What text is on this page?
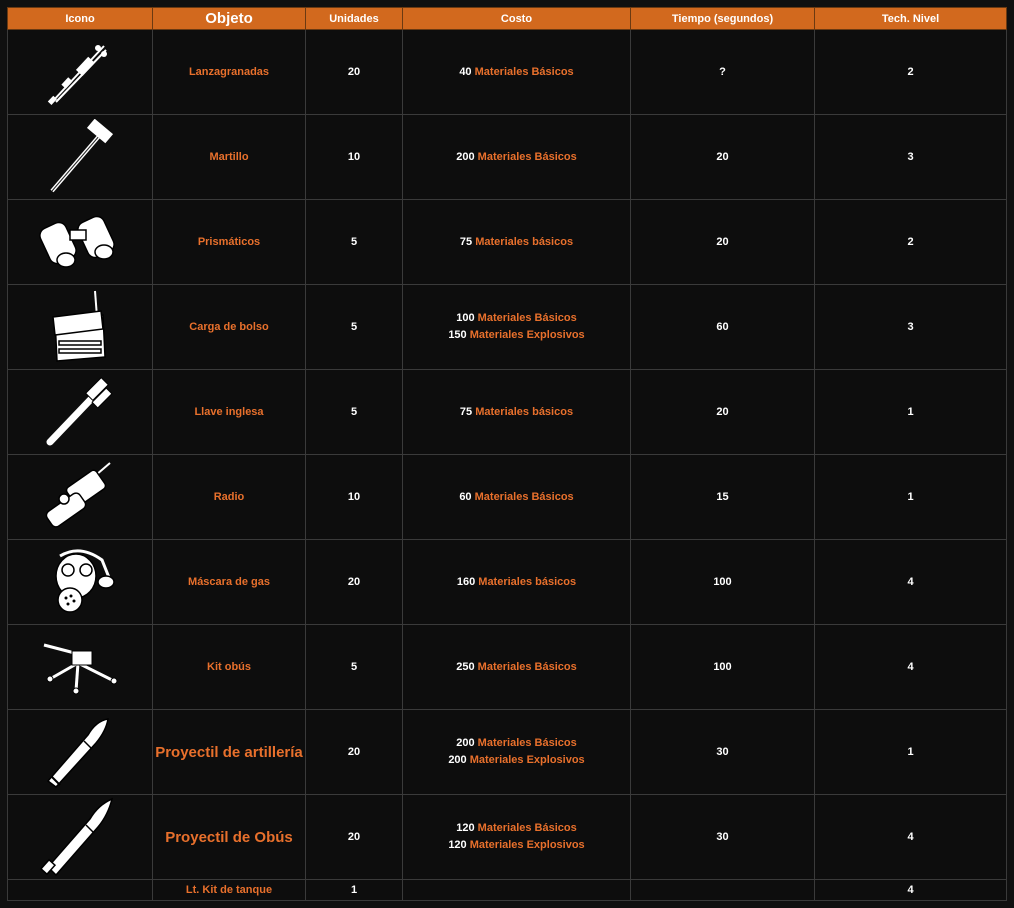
Icono	Objeto	Unidades	Costo	Tiempo (segundos)	Tech. Nivel

	Lanzagranadas	20	40 Materiales Básicos	?	2

	Martillo	10	200 Materiales Básicos	20	3

	Prismáticos	5	75 Materiales básicos	20	2

	Carga de bolso	5	100 Materiales Básicos
150 Materiales Explosivos	60	3

	Llave inglesa	5	75 Materiales básicos	20	1

	Radio	10	60 Materiales Básicos	15	1

	Máscara de gas	20	160 Materiales básicos	100	4

	Kit obús	5	250 Materiales Básicos	100	4

	Proyectil de artillería	20	200 Materiales Básicos
200 Materiales Explosivos	30	1

	Proyectil de Obús	20	120 Materiales Básicos
120 Materiales Explosivos	30	4
	Lt. Kit de tanque	1			4
